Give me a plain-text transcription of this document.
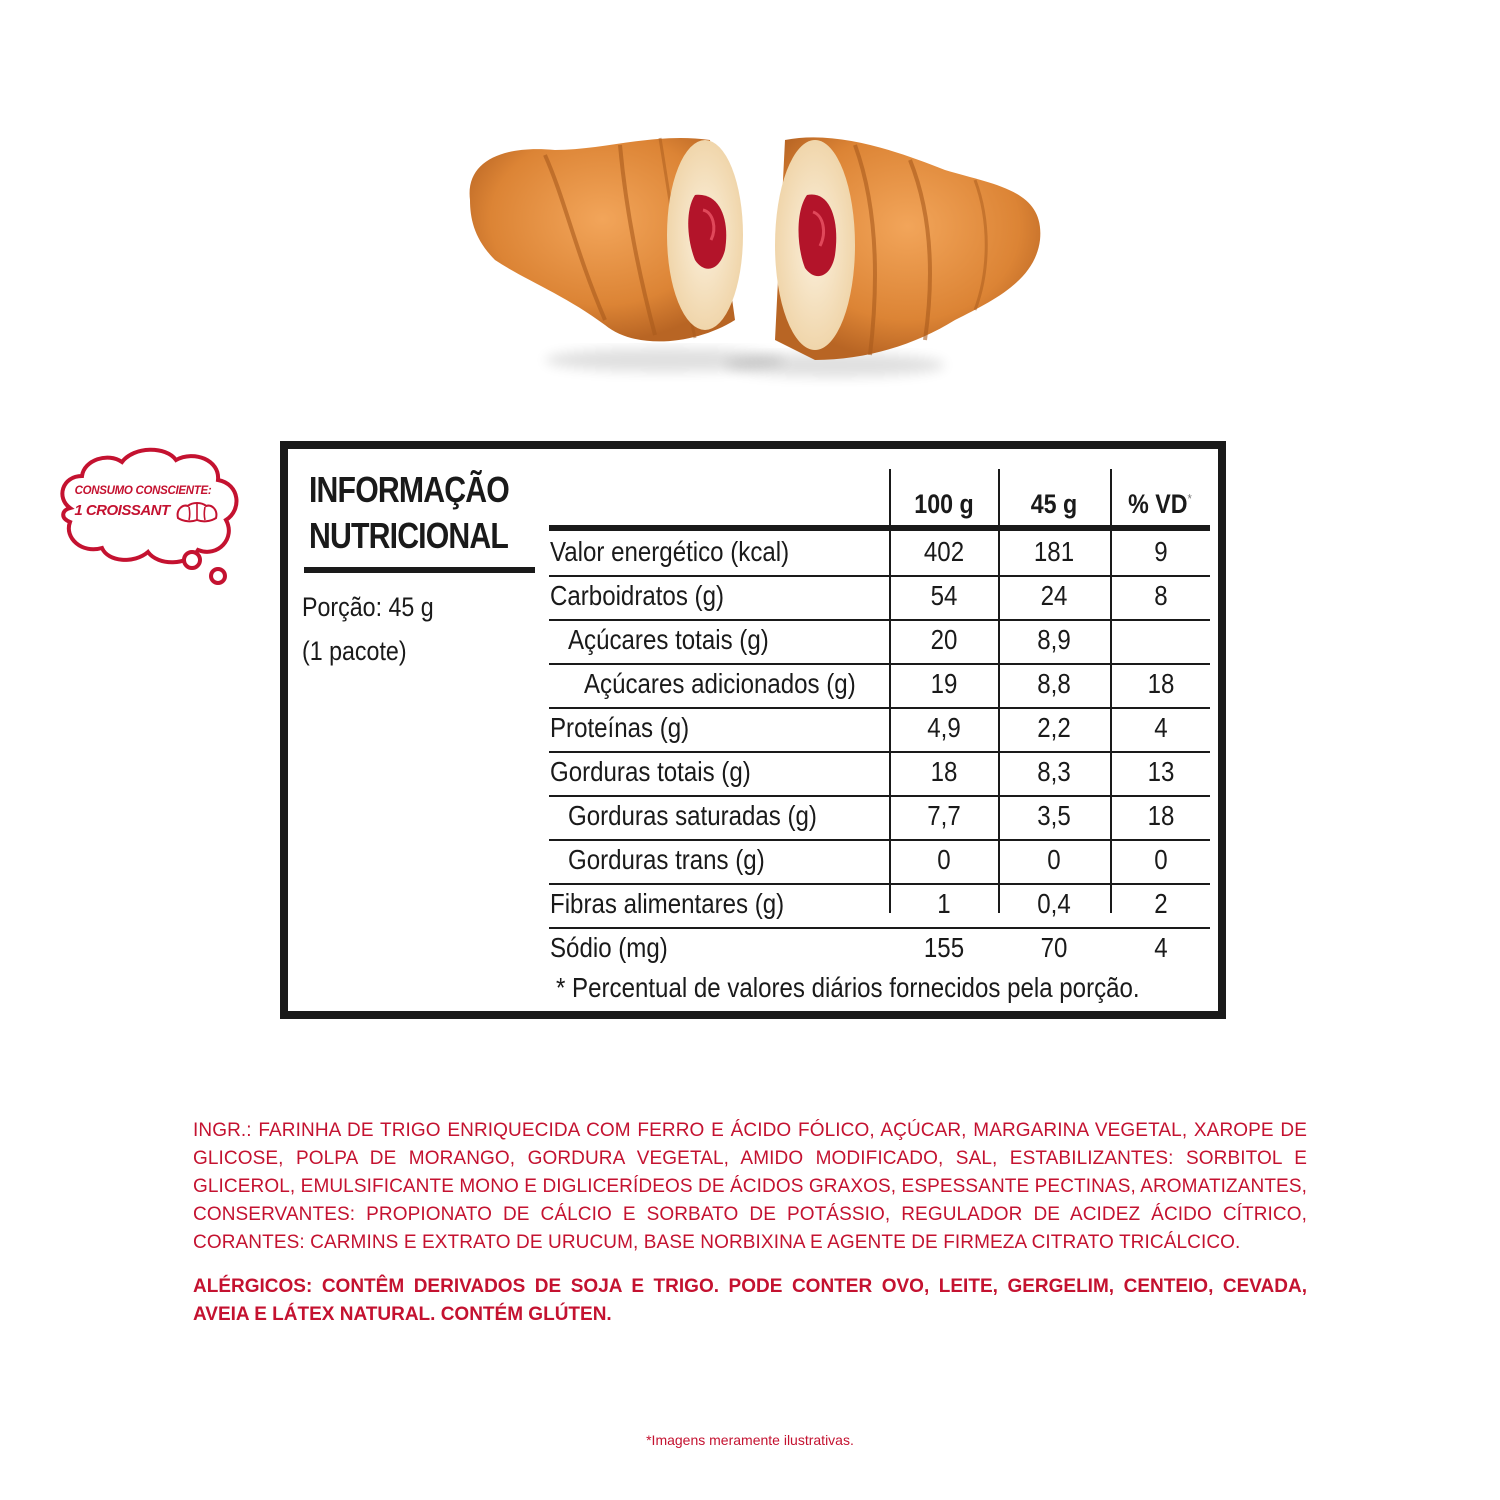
CONSUMO CONSCIENTE:
1 CROISSANT
INFORMAÇÃO
NUTRICIONAL
Porção: 45 g
(1 pacote)
100 g	45 g	% VD*
Valor energético (kcal)	402	181	9
Carboidratos (g)	54	24	8
Açúcares totais (g)	20	8,9
Açúcares adicionados (g)	19	8,8	18
Proteínas (g)	4,9	2,2	4
Gorduras totais (g)	18	8,3	13
Gorduras saturadas (g)	7,7	3,5	18
Gorduras trans (g)	0	0	0
Fibras alimentares (g)	1	0,4	2
Sódio (mg)	155	70	4
* Percentual de valores diários fornecidos pela porção.
INGR.: FARINHA DE TRIGO ENRIQUECIDA COM FERRO E ÁCIDO FÓLICO, AÇÚCAR, MARGARINA VEGETAL, XAROPE DE GLICOSE, POLPA DE MORANGO, GORDURA VEGETAL, AMIDO MODIFICADO, SAL, ESTABILIZANTES: SORBITOL E GLICEROL, EMULSIFICANTE MONO E DIGLICERÍDEOS DE ÁCIDOS GRAXOS, ESPESSANTE PECTINAS, AROMATIZANTES, CONSERVANTES: PROPIONATO DE CÁLCIO E SORBATO DE POTÁSSIO, REGULADOR DE ACIDEZ ÁCIDO CÍTRICO, CORANTES: CARMINS E EXTRATO DE URUCUM, BASE NORBIXINA E AGENTE DE FIRMEZA CITRATO TRICÁLCICO.
ALÉRGICOS: CONTÊM DERIVADOS DE SOJA E TRIGO. PODE CONTER OVO, LEITE, GERGELIM, CENTEIO, CEVADA, AVEIA E LÁTEX NATURAL. CONTÉM GLÚTEN.
*Imagens meramente ilustrativas.
